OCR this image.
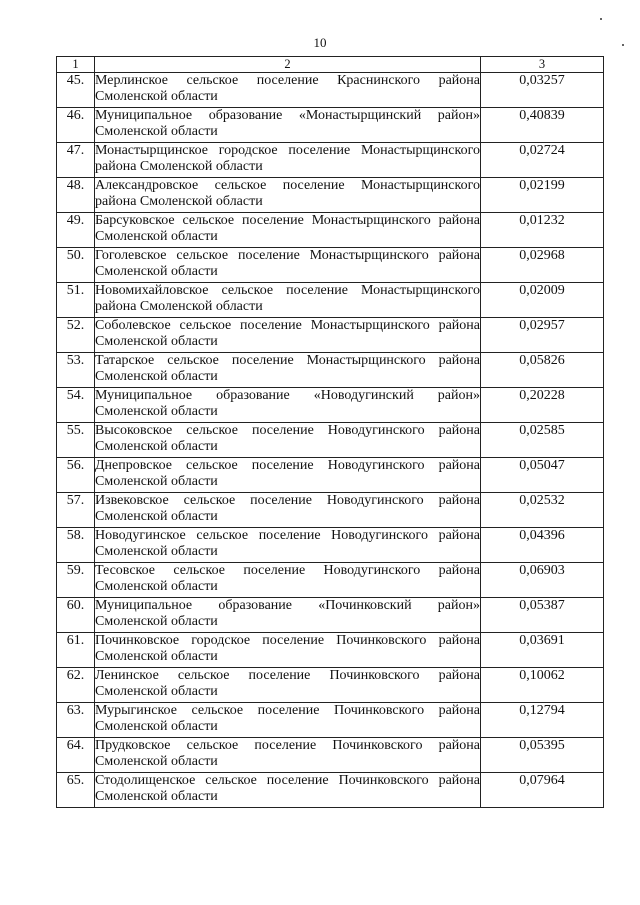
10
1	2	3
45.	Мерлинское сельское поселение Краснинского района Смоленской области	0,03257
46.	Муниципальное образование «Монастырщинский район» Смоленской области	0,40839
47.	Монастырщинское городское поселение Монастырщинского района Смоленской области	0,02724
48.	Александровское сельское поселение Монастырщинского района Смоленской области	0,02199
49.	Барсуковское сельское поселение Монастырщинского района Смоленской области	0,01232
50.	Гоголевское сельское поселение Монастырщинского района Смоленской области	0,02968
51.	Новомихайловское сельское поселение Монастырщинского района Смоленской области	0,02009
52.	Соболевское сельское поселение Монастырщинского района Смоленской области	0,02957
53.	Татарское сельское поселение Монастырщинского района Смоленской области	0,05826
54.	Муниципальное образование «Новодугинский район» Смоленской области	0,20228
55.	Высоковское сельское поселение Новодугинского района Смоленской области	0,02585
56.	Днепровское сельское поселение Новодугинского района Смоленской области	0,05047
57.	Извековское сельское поселение Новодугинского района Смоленской области	0,02532
58.	Новодугинское сельское поселение Новодугинского района Смоленской области	0,04396
59.	Тесовское сельское поселение Новодугинского района Смоленской области	0,06903
60.	Муниципальное образование «Починковский район» Смоленской области	0,05387
61.	Починковское городское поселение Починковского района Смоленской области	0,03691
62.	Ленинское сельское поселение Починковского района Смоленской области	0,10062
63.	Мурыгинское сельское поселение Починковского района Смоленской области	0,12794
64.	Прудковское сельское поселение Починковского района Смоленской области	0,05395
65.	Стодолищенское сельское поселение Починковского района Смоленской области	0,07964
